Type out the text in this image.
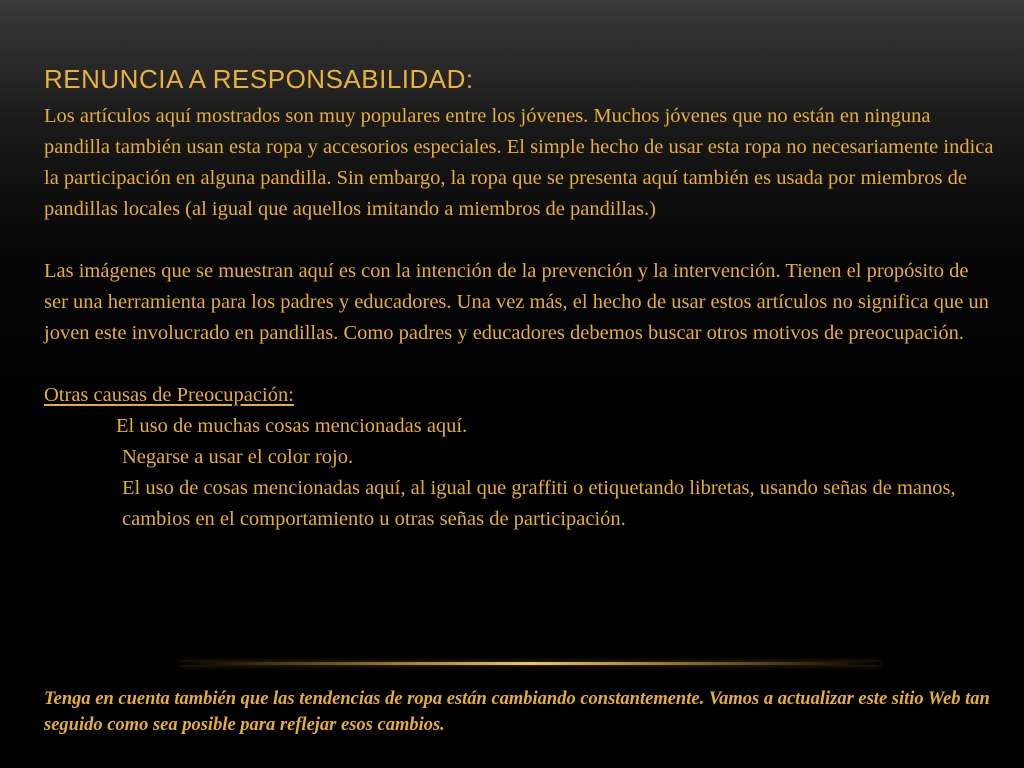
RENUNCIA A RESPONSABILIDAD:

Los artículos aquí mostrados son muy populares entre los jóvenes. Muchos jóvenes que no están en ninguna pandilla también usan esta ropa y accesorios especiales. El simple hecho de usar esta ropa no necesariamente indica la participación en alguna pandilla. Sin embargo, la ropa que se presenta aquí también es usada por miembros de pandillas locales (al igual que aquellos imitando a miembros de pandillas.)

Las imágenes que se muestran aquí es con la intención de la prevención y la intervención. Tienen el propósito de ser una herramienta para los padres y educadores. Una vez más, el hecho de usar estos artículos no significa que un joven este involucrado en pandillas. Como padres y educadores debemos buscar otros motivos de preocupación.

Otras causas de Preocupación:
El uso de muchas cosas mencionadas aquí.
Negarse a usar el color rojo.
El uso de cosas mencionadas aquí, al igual que graffiti o etiquetando libretas, usando señas de manos, cambios en el comportamiento u otras señas de participación.
Tenga en cuenta también que las tendencias de ropa están cambiando constantemente. Vamos a actualizar este sitio Web tan seguido como sea posible para reflejar esos cambios.
